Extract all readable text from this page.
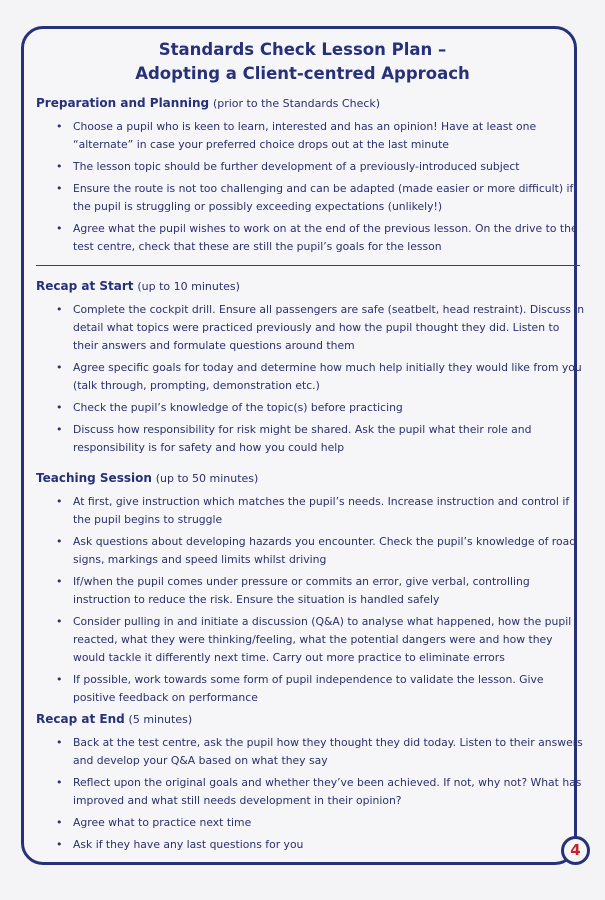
Standards Check Lesson Plan –
Adopting a Client-centred Approach

Preparation and Planning (prior to the Standards Check)

• Choose a pupil who is keen to learn, interested and has an opinion! Have at least one “alternate” in case your preferred choice drops out at the last minute
• The lesson topic should be further development of a previously-introduced subject
• Ensure the route is not too challenging and can be adapted (made easier or more difficult) if the pupil is struggling or possibly exceeding expectations (unlikely!)
• Agree what the pupil wishes to work on at the end of the previous lesson. On the drive to the test centre, check that these are still the pupil’s goals for the lesson

Recap at Start (up to 10 minutes)

• Complete the cockpit drill. Ensure all passengers are safe (seatbelt, head restraint). Discuss in detail what topics were practiced previously and how the pupil thought they did. Listen to their answers and formulate questions around them
• Agree specific goals for today and determine how much help initially they would like from you (talk through, prompting, demonstration etc.)
• Check the pupil’s knowledge of the topic(s) before practicing
• Discuss how responsibility for risk might be shared. Ask the pupil what their role and responsibility is for safety and how you could help

Teaching Session (up to 50 minutes)

• At first, give instruction which matches the pupil’s needs. Increase instruction and control if the pupil begins to struggle
• Ask questions about developing hazards you encounter. Check the pupil’s knowledge of road signs, markings and speed limits whilst driving
• If/when the pupil comes under pressure or commits an error, give verbal, controlling instruction to reduce the risk. Ensure the situation is handled safely
• Consider pulling in and initiate a discussion (Q&A) to analyse what happened, how the pupil reacted, what they were thinking/feeling, what the potential dangers were and how they would tackle it differently next time. Carry out more practice to eliminate errors
• If possible, work towards some form of pupil independence to validate the lesson. Give positive feedback on performance

Recap at End (5 minutes)

• Back at the test centre, ask the pupil how they thought they did today. Listen to their answers and develop your Q&A based on what they say
• Reflect upon the original goals and whether they’ve been achieved. If not, why not? What has improved and what still needs development in their opinion?
• Agree what to practice next time
• Ask if they have any last questions for you	4
